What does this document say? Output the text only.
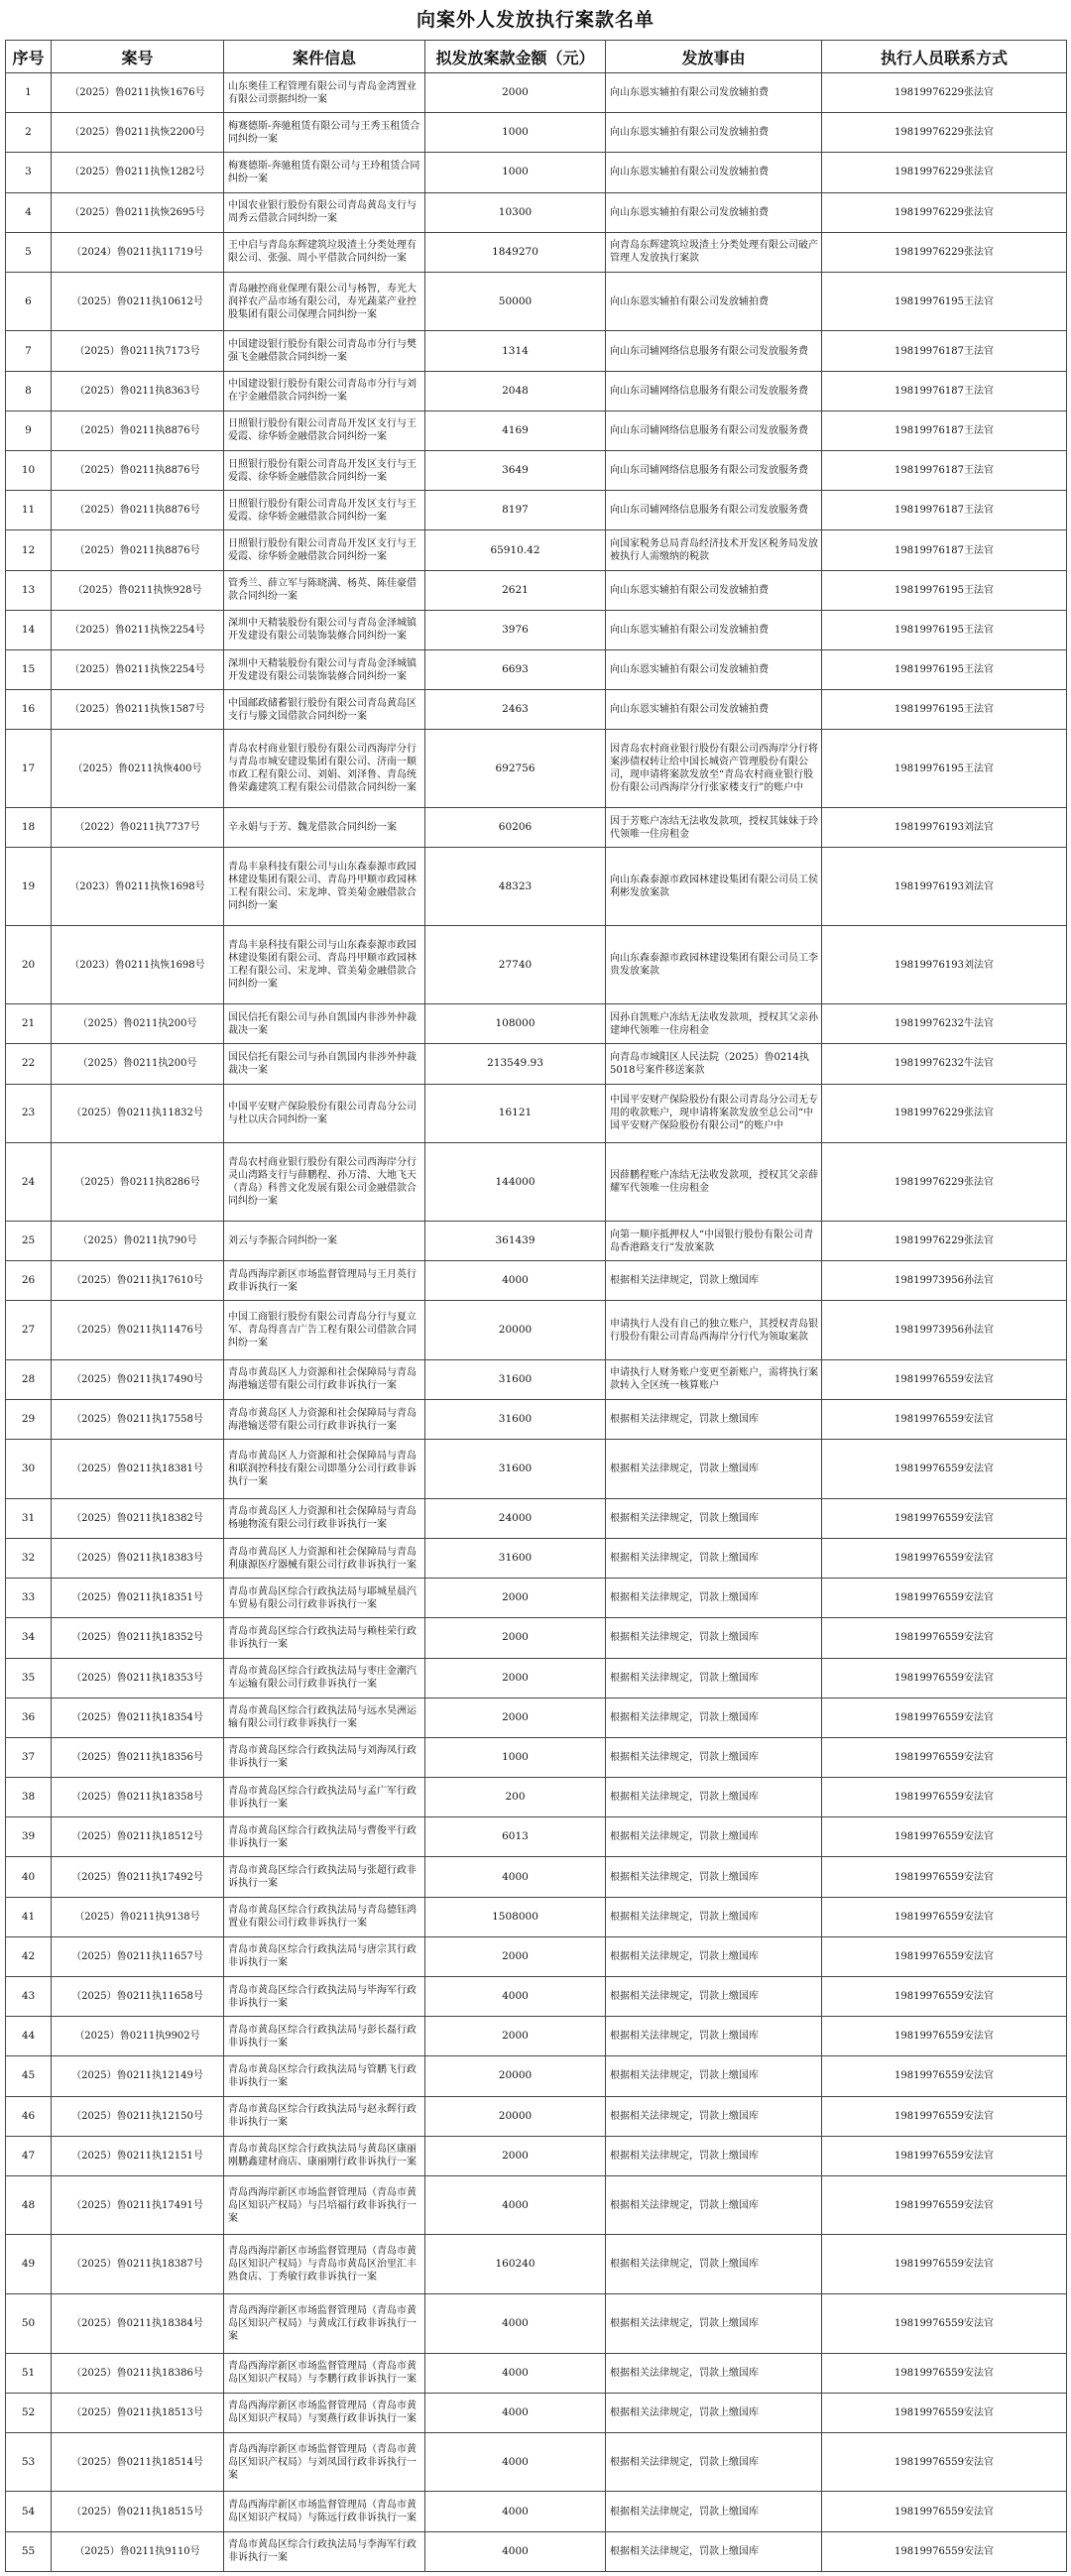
向案外人发放执行案款名单
序号	案号	案件信息	拟发放案款金额（元）	发放事由	执行人员联系方式
1	（2025）鲁0211执恢1676号	山东奥佳工程管理有限公司与青岛金湾置业有限公司票据纠纷一案	2000	向山东恩实辅拍有限公司发放辅拍费	19819976229张法官
2	（2025）鲁0211执恢2200号	梅赛德斯-奔驰租赁有限公司与王秀玉租赁合同纠纷一案	1000	向山东恩实辅拍有限公司发放辅拍费	19819976229张法官
3	（2025）鲁0211执恢1282号	梅赛德斯-奔驰租赁有限公司与王玲租赁合同纠纷一案	1000	向山东恩实辅拍有限公司发放辅拍费	19819976229张法官
4	（2025）鲁0211执恢2695号	中国农业银行股份有限公司青岛黄岛支行与周秀云借款合同纠纷一案	10300	向山东恩实辅拍有限公司发放辅拍费	19819976229张法官
5	（2024）鲁0211执11719号	王中启与青岛东辉建筑垃圾渣土分类处理有限公司、张强、周小平借款合同纠纷一案	1849270	向青岛东辉建筑垃圾渣土分类处理有限公司破产管理人发放执行案款	19819976229张法官
6	（2025）鲁0211执10612号	青岛融控商业保理有限公司与杨智，寿光大润祥农产品市场有限公司，寿光蔬菜产业控股集团有限公司保理合同纠纷一案	50000	向山东恩实辅拍有限公司发放辅拍费	19819976195王法官
7	（2025）鲁0211执7173号	中国建设银行股份有限公司青岛市分行与樊强飞金融借款合同纠纷一案	1314	向山东司辅网络信息服务有限公司发放服务费	19819976187王法官
8	（2025）鲁0211执8363号	中国建设银行股份有限公司青岛市分行与刘在宇金融借款合同纠纷一案	2048	向山东司辅网络信息服务有限公司发放服务费	19819976187王法官
9	（2025）鲁0211执8876号	日照银行股份有限公司青岛开发区支行与王爱霞、徐华娇金融借款合同纠纷一案	4169	向山东司辅网络信息服务有限公司发放服务费	19819976187王法官
10	（2025）鲁0211执8876号	日照银行股份有限公司青岛开发区支行与王爱霞、徐华娇金融借款合同纠纷一案	3649	向山东司辅网络信息服务有限公司发放服务费	19819976187王法官
11	（2025）鲁0211执8876号	日照银行股份有限公司青岛开发区支行与王爱霞、徐华娇金融借款合同纠纷一案	8197	向山东司辅网络信息服务有限公司发放服务费	19819976187王法官
12	（2025）鲁0211执8876号	日照银行股份有限公司青岛开发区支行与王爱霞、徐华娇金融借款合同纠纷一案	65910.42	向国家税务总局青岛经济技术开发区税务局发放被执行人需缴纳的税款	19819976187王法官
13	（2025）鲁0211执恢928号	管秀兰、薛立军与陈晓满、杨英、陈佳豪借款合同纠纷一案	2621	向山东恩实辅拍有限公司发放辅拍费	19819976195王法官
14	（2025）鲁0211执恢2254号	深圳中天精装股份有限公司与青岛金泽城镇开发建设有限公司装饰装修合同纠纷一案	3976	向山东恩实辅拍有限公司发放辅拍费	19819976195王法官
15	（2025）鲁0211执恢2254号	深圳中天精装股份有限公司与青岛金泽城镇开发建设有限公司装饰装修合同纠纷一案	6693	向山东恩实辅拍有限公司发放辅拍费	19819976195王法官
16	（2025）鲁0211执恢1587号	中国邮政储蓄银行股份有限公司青岛黄岛区支行与滕文国借款合同纠纷一案	2463	向山东恩实辅拍有限公司发放辅拍费	19819976195王法官
17	（2025）鲁0211执恢400号	青岛农村商业银行股份有限公司西海岸分行与青岛市城安建设集团有限公司、济南一顺市政工程有限公司、刘娟、刘泽鲁、青岛统鲁荣鑫建筑工程有限公司借款合同纠纷一案	692756	因青岛农村商业银行股份有限公司西海岸分行将案涉债权转让给中国长城资产管理股份有限公司，现申请将案款发放至“青岛农村商业银行股份有限公司西海岸分行张家楼支行”的账户中	19819976195王法官
18	（2022）鲁0211执7737号	辛永娟与于芳、魏龙借款合同纠纷一案	60206	因于芳账户冻结无法收发款项，授权其妹妹于玲代领唯一住房租金	19819976193刘法官
19	（2023）鲁0211执恢1698号	青岛丰泉科技有限公司与山东森泰源市政园林建设集团有限公司、青岛丹甲顺市政园林工程有限公司、宋龙坤、管美菊金融借款合同纠纷一案	48323	向山东森泰源市政园林建设集团有限公司员工侯利彬发放案款	19819976193刘法官
20	（2023）鲁0211执恢1698号	青岛丰泉科技有限公司与山东森泰源市政园林建设集团有限公司、青岛丹甲顺市政园林工程有限公司、宋龙坤、管美菊金融借款合同纠纷一案	27740	向山东森泰源市政园林建设集团有限公司员工李贵发放案款	19819976193刘法官
21	（2025）鲁0211执200号	国民信托有限公司与孙自凯国内非涉外仲裁裁决一案	108000	因孙自凯账户冻结无法收发款项，授权其父亲孙建坤代领唯一住房租金	19819976232牛法官
22	（2025）鲁0211执200号	国民信托有限公司与孙自凯国内非涉外仲裁裁决一案	213549.93	向青岛市城阳区人民法院（2025）鲁0214执5018号案件移送案款	19819976232牛法官
23	（2025）鲁0211执11832号	中国平安财产保险股份有限公司青岛分公司与杜以庆合同纠纷一案	16121	中国平安财产保险股份有限公司青岛分公司无专用的收款账户，现申请将案款发放至总公司“中国平安财产保险股份有限公司”的账户中	19819976229张法官
24	（2025）鲁0211执8286号	青岛农村商业银行股份有限公司西海岸分行灵山湾路支行与薛鹏程、孙万清、大地飞天（青岛）科普文化发展有限公司金融借款合同纠纷一案	144000	因薛鹏程账户冻结无法收发款项，授权其父亲薛耀军代领唯一住房租金	19819976229张法官
25	（2025）鲁0211执790号	刘云与李振合同纠纷一案	361439	向第一顺序抵押权人“中国银行股份有限公司青岛香港路支行”发放案款	19819976229张法官
26	（2025）鲁0211执17610号	青岛西海岸新区市场监督管理局与王月英行政非诉执行一案	4000	根据相关法律规定，罚款上缴国库	19819973956孙法官
27	（2025）鲁0211执11476号	中国工商银行股份有限公司青岛分行与夏立军、青岛得喜吉广告工程有限公司借款合同纠纷一案	20000	申请执行人没有自己的独立账户，其授权青岛银行股份有限公司青岛西海岸分行代为领取案款	19819973956孙法官
28	（2025）鲁0211执17490号	青岛市黄岛区人力资源和社会保障局与青岛海港输送带有限公司行政非诉执行一案	31600	申请执行人财务账户变更至新账户，需将执行案款转入全区统一核算账户	19819976559安法官
29	（2025）鲁0211执17558号	青岛市黄岛区人力资源和社会保障局与青岛海港输送带有限公司行政非诉执行一案	31600	根据相关法律规定，罚款上缴国库	19819976559安法官
30	（2025）鲁0211执18381号	青岛市黄岛区人力资源和社会保障局与青岛和联润控科技有限公司即墨分公司行政非诉执行一案	31600	根据相关法律规定，罚款上缴国库	19819976559安法官
31	（2025）鲁0211执18382号	青岛市黄岛区人力资源和社会保障局与青岛杨驰物流有限公司行政非诉执行一案	24000	根据相关法律规定，罚款上缴国库	19819976559安法官
32	（2025）鲁0211执18383号	青岛市黄岛区人力资源和社会保障局与青岛利康源医疗器械有限公司行政非诉执行一案	31600	根据相关法律规定，罚款上缴国库	19819976559安法官
33	（2025）鲁0211执18351号	青岛市黄岛区综合行政执法局与耶城星晨汽车贸易有限公司行政非诉执行一案	2000	根据相关法律规定，罚款上缴国库	19819976559安法官
34	（2025）鲁0211执18352号	青岛市黄岛区综合行政执法局与赖桂荣行政非诉执行一案	2000	根据相关法律规定，罚款上缴国库	19819976559安法官
35	（2025）鲁0211执18353号	青岛市黄岛区综合行政执法局与枣庄金潮汽车运输有限公司行政非诉执行一案	2000	根据相关法律规定，罚款上缴国库	19819976559安法官
36	（2025）鲁0211执18354号	青岛市黄岛区综合行政执法局与远水昊洲运输有限公司行政非诉执行一案	2000	根据相关法律规定，罚款上缴国库	19819976559安法官
37	（2025）鲁0211执18356号	青岛市黄岛区综合行政执法局与刘海凤行政非诉执行一案	1000	根据相关法律规定，罚款上缴国库	19819976559安法官
38	（2025）鲁0211执18358号	青岛市黄岛区综合行政执法局与孟广军行政非诉执行一案	200	根据相关法律规定，罚款上缴国库	19819976559安法官
39	（2025）鲁0211执18512号	青岛市黄岛区综合行政执法局与曹俊平行政非诉执行一案	6013	根据相关法律规定，罚款上缴国库	19819976559安法官
40	（2025）鲁0211执17492号	青岛市黄岛区综合行政执法局与张超行政非诉执行一案	4000	根据相关法律规定，罚款上缴国库	19819976559安法官
41	（2025）鲁0211执9138号	青岛市黄岛区综合行政执法局与青岛德钰鸿置业有限公司行政非诉执行一案	1508000	根据相关法律规定，罚款上缴国库	19819976559安法官
42	（2025）鲁0211执11657号	青岛市黄岛区综合行政执法局与唐宗其行政非诉执行一案	2000	根据相关法律规定，罚款上缴国库	19819976559安法官
43	（2025）鲁0211执11658号	青岛市黄岛区综合行政执法局与毕海军行政非诉执行一案	4000	根据相关法律规定，罚款上缴国库	19819976559安法官
44	（2025）鲁0211执9902号	青岛市黄岛区综合行政执法局与彭长磊行政非诉执行一案	2000	根据相关法律规定，罚款上缴国库	19819976559安法官
45	（2025）鲁0211执12149号	青岛市黄岛区综合行政执法局与管鹏飞行政非诉执行一案	20000	根据相关法律规定，罚款上缴国库	19819976559安法官
46	（2025）鲁0211执12150号	青岛市黄岛区综合行政执法局与赵永辉行政非诉执行一案	20000	根据相关法律规定，罚款上缴国库	19819976559安法官
47	（2025）鲁0211执12151号	青岛市黄岛区综合行政执法局与黄岛区康丽刚鹏鑫建材商店、康丽刚行政非诉执行一案	2000	根据相关法律规定，罚款上缴国库	19819976559安法官
48	（2025）鲁0211执17491号	青岛西海岸新区市场监督管理局（青岛市黄岛区知识产权局）与吕培福行政非诉执行一案	4000	根据相关法律规定，罚款上缴国库	19819976559安法官
49	（2025）鲁0211执18387号	青岛西海岸新区市场监督管理局（青岛市黄岛区知识产权局）与青岛市黄岛区治里汇丰熟食店、丁秀敏行政非诉执行一案	160240	根据相关法律规定，罚款上缴国库	19819976559安法官
50	（2025）鲁0211执18384号	青岛西海岸新区市场监督管理局（青岛市黄岛区知识产权局）与黄成江行政非诉执行一案	4000	根据相关法律规定，罚款上缴国库	19819976559安法官
51	（2025）鲁0211执18386号	青岛西海岸新区市场监督管理局（青岛市黄岛区知识产权局）与李鹏行政非诉执行一案	4000	根据相关法律规定，罚款上缴国库	19819976559安法官
52	（2025）鲁0211执18513号	青岛西海岸新区市场监督管理局（青岛市黄岛区知识产权局）与窦燕行政非诉执行一案	4000	根据相关法律规定，罚款上缴国库	19819976559安法官
53	（2025）鲁0211执18514号	青岛西海岸新区市场监督管理局（青岛市黄岛区知识产权局）与刘凤国行政非诉执行一案	4000	根据相关法律规定，罚款上缴国库	19819976559安法官
54	（2025）鲁0211执18515号	青岛西海岸新区市场监督管理局（青岛市黄岛区知识产权局）与陈远行政非诉执行一案	4000	根据相关法律规定，罚款上缴国库	19819976559安法官
55	（2025）鲁0211执9110号	青岛市黄岛区综合行政执法局与李海军行政非诉执行一案	4000	根据相关法律规定，罚款上缴国库	19819976559安法官
